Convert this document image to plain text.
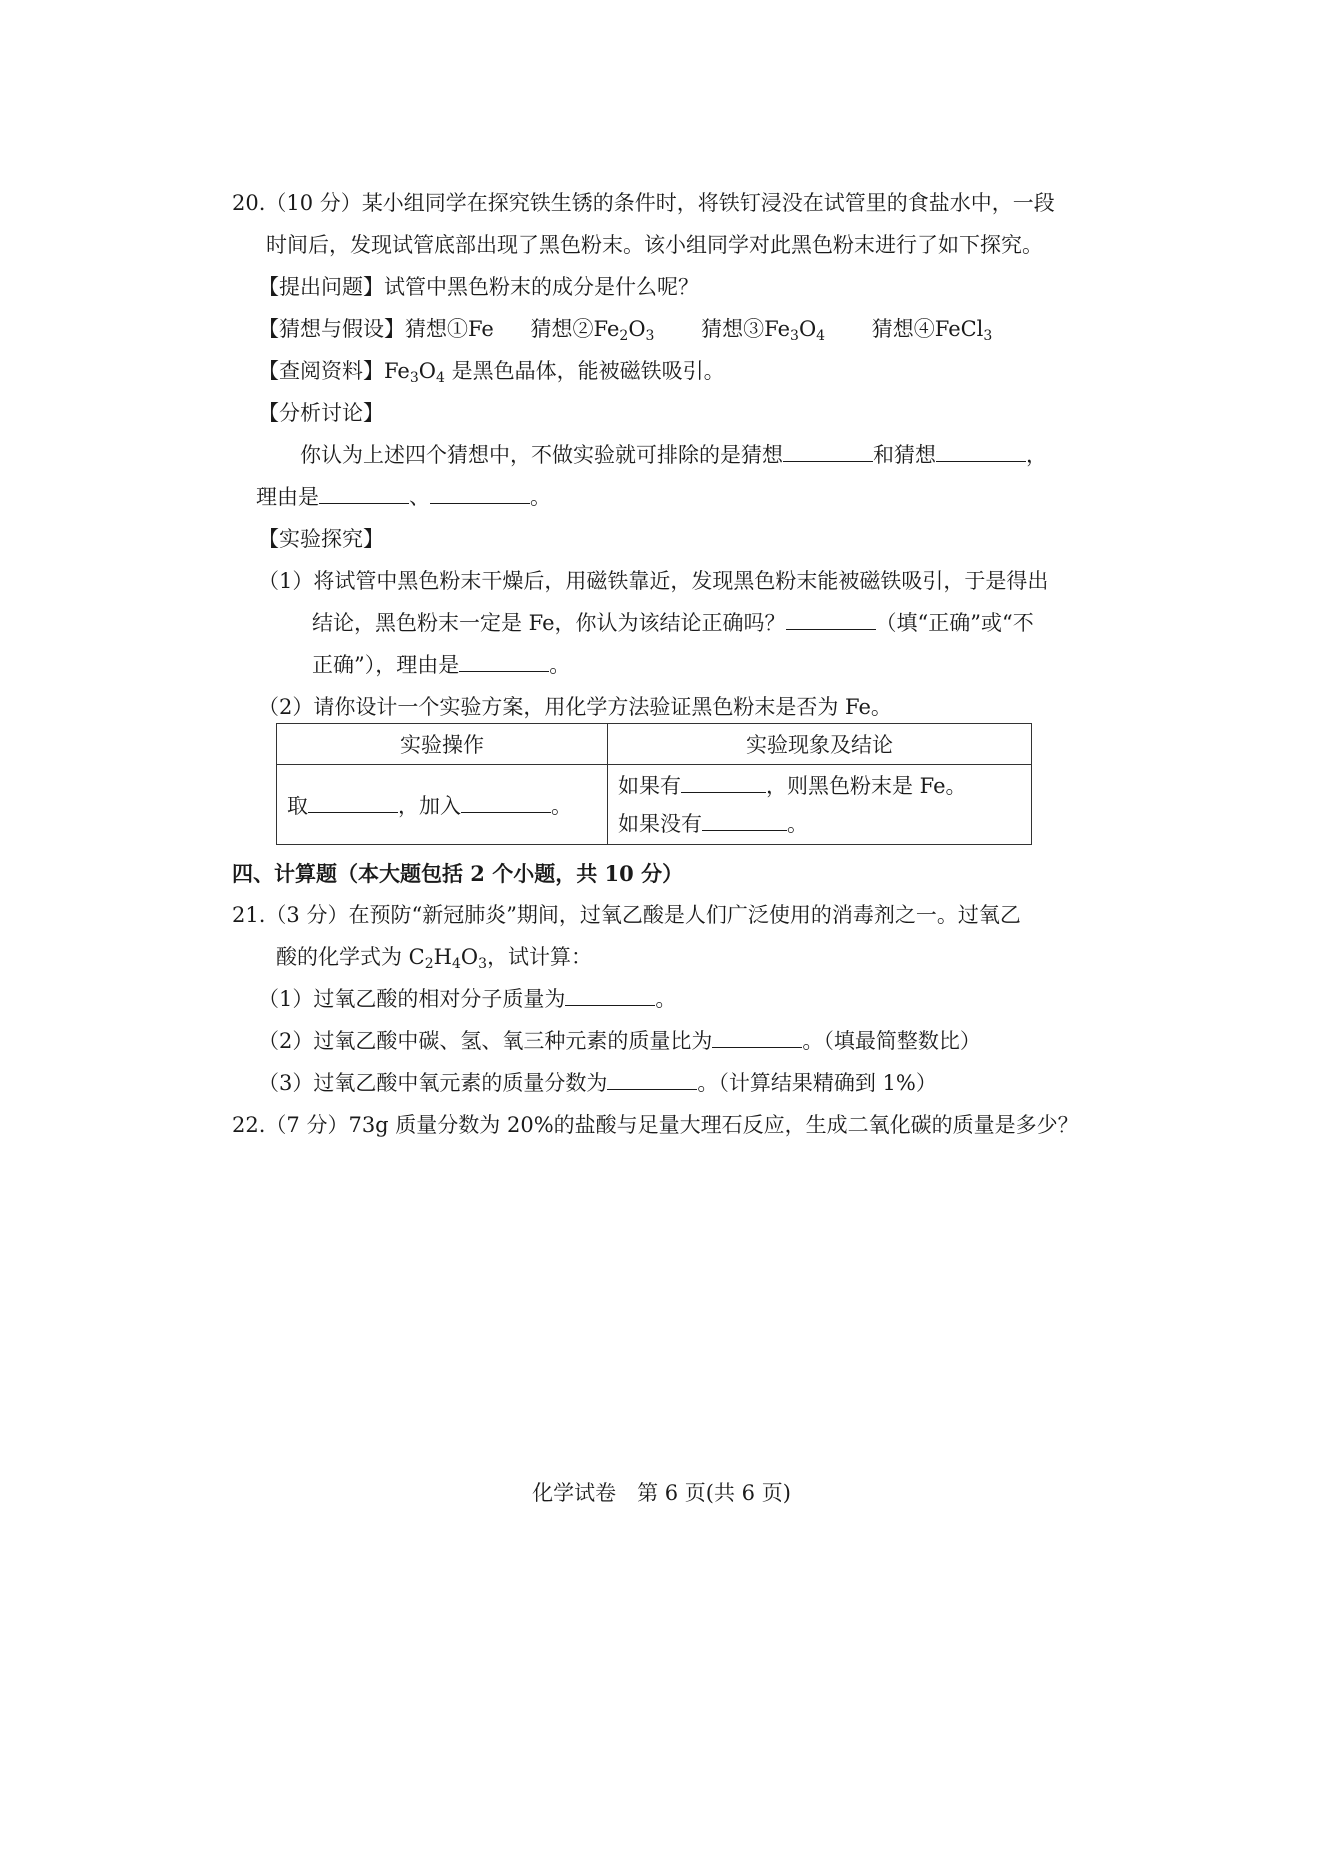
20.（10 分）某小组同学在探究铁生锈的条件时，将铁钉浸没在试管里的食盐水中，一段
时间后，发现试管底部出现了黑色粉末。该小组同学对此黑色粉末进行了如下探究。
【提出问题】试管中黑色粉末的成分是什么呢？
【猜想与假设】猜想①Fe 猜想$②Fe_2O_3$ 猜想$③Fe_3O_4$ 猜想④FeCl$_3$
【查阅资料】$Fe_3O_4$ 是黑色晶体，能被磁铁吸引。
【分析讨论】
你认为上述四个猜想中，不做实验就可排除的是猜想	和猜想	，
理由是	、	。
【实验探究】
（1）将试管中黑色粉末干燥后，用磁铁靠近，发现黑色粉末能被磁铁吸引，于是得出
结论，黑色粉末一定是 Fe，你认为该结论正确吗？	（填“正确”或“不
正确”），理由是	。
（2）请你设计一个实验方案，用化学方法验证黑色粉末是否为 Fe。
实验操作	实验现象及结论
取 ，加入 。	如果有 ，则黑色粉末是 Fe。
如果没有 。
四、计算题（本大题包括 2 个小题，共 10 分）
21.（3 分）在预防“新冠肺炎”期间，过氧乙酸是人们广泛使用的消毒剂之一。过氧乙
酸的化学式为 $C_2H_4O_3$，试计算：
（1）过氧乙酸的相对分子质量为	。
（2）过氧乙酸中碳、氢、氧三种元素的质量比为	。（填最简整数比）
（3）过氧乙酸中氧元素的质量分数为	。（计算结果精确到 1%）
22.（7 分）73g 质量分数为 20%的盐酸与足量大理石反应，生成二氧化碳的质量是多少？
化学试卷　第 6 页(共 6 页)
